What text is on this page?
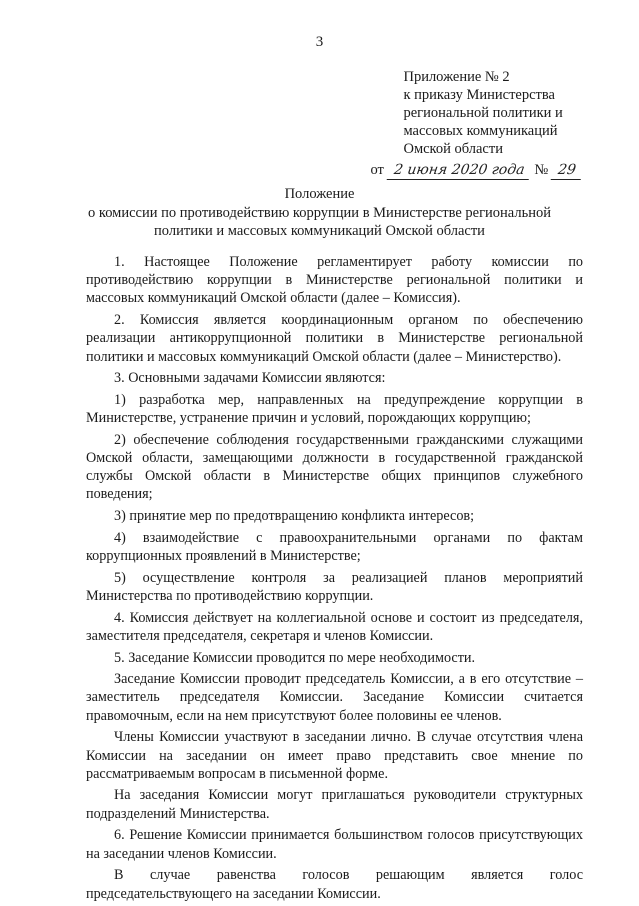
3
Приложение № 2
к приказу Министерства
региональной политики и
массовых коммуникаций
Омской области
от 2 июня 2020 года № 29
Положение
о комиссии по противодействию коррупции в Министерстве региональной
политики и массовых коммуникаций Омской области

1. Настоящее Положение регламентирует работу комиссии по противодействию коррупции в Министерстве региональной политики и массовых коммуникаций Омской области (далее – Комиссия).

2. Комиссия является координационным органом по обеспечению реализации антикоррупционной политики в Министерстве региональной политики и массовых коммуникаций Омской области (далее – Министерство).

3. Основными задачами Комиссии являются:

1) разработка мер, направленных на предупреждение коррупции в Министерстве, устранение причин и условий, порождающих коррупцию;

2) обеспечение соблюдения государственными гражданскими служащими Омской области, замещающими должности в государственной гражданской службы Омской области в Министерстве общих принципов служебного поведения;

3) принятие мер по предотвращению конфликта интересов;

4) взаимодействие с правоохранительными органами по фактам коррупционных проявлений в Министерстве;

5) осуществление контроля за реализацией планов мероприятий Министерства по противодействию коррупции.

4. Комиссия действует на коллегиальной основе и состоит из председателя, заместителя председателя, секретаря и членов Комиссии.

5. Заседание Комиссии проводится по мере необходимости.

Заседание Комиссии проводит председатель Комиссии, а в его отсутствие – заместитель председателя Комиссии. Заседание Комиссии считается правомочным, если на нем присутствуют более половины ее членов.

Члены Комиссии участвуют в заседании лично. В случае отсутствия члена Комиссии на заседании он имеет право представить свое мнение по рассматриваемым вопросам в письменной форме.

На заседания Комиссии могут приглашаться руководители структурных подразделений Министерства.

6. Решение Комиссии принимается большинством голосов присутствующих на заседании членов Комиссии.

В случае равенства голосов решающим является голос председательствующего на заседании Комиссии.
